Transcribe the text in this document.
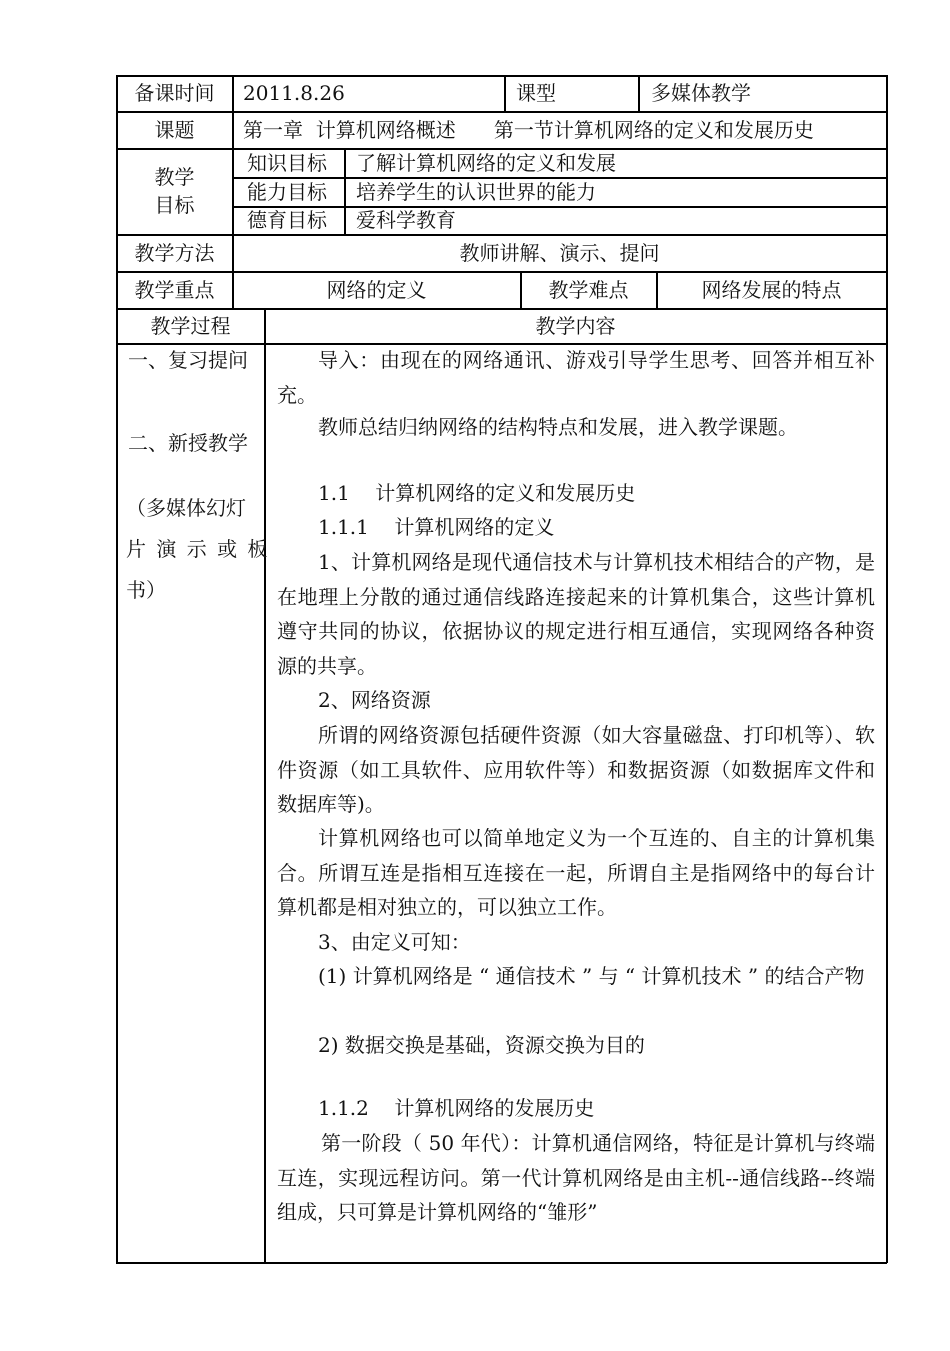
备课时间	2011.8.26	课型	多媒体教学
课题	第一章  计算机网络概述      第一节计算机网络的定义和发展历史
教学
目标
知识目标 了解计算机网络的定义和发展
能力目标 培养学生的认识世界的能力
德育目标 爱科学教育
教学方法	教师讲解、演示、提问
教学重点	网络的定义	教学难点	网络发展的特点
教学过程	教学内容
一、复习提问
二、新授教学
（多媒体幻灯
片 演 示 或 板
书）
导入：由现在的网络通讯、游戏引导学生思考、回答并相互补充。
教师总结归纳网络的结构特点和发展，进入教学课题。
1.1    计算机网络的定义和发展历史
1.1.1    计算机网络的定义
1、计算机网络是现代通信技术与计算机技术相结合的产物，是在地理上分散的通过通信线路连接起来的计算机集合，这些计算机遵守共同的协议，依据协议的规定进行相互通信，实现网络各种资源的共享。
2、网络资源
所谓的网络资源包括硬件资源（如大容量磁盘、打印机等）、软件资源（如工具软件、应用软件等）和数据资源（如数据库文件和数据库等)。
计算机网络也可以简单地定义为一个互连的、自主的计算机集合。所谓互连是指相互连接在一起，所谓自主是指网络中的每台计算机都是相对独立的，可以独立工作。
3、由定义可知：
(1) 计算机网络是 “ 通信技术 ” 与 “ 计算机技术 ” 的结合产物
2) 数据交换是基础，资源交换为目的
1.1.2    计算机网络的发展历史
第一阶段（ 50 年代）：计算机通信网络，特征是计算机与终端互连，实现远程访问。第一代计算机网络是由主机--通信线路--终端组成，只可算是计算机网络的“雏形”
